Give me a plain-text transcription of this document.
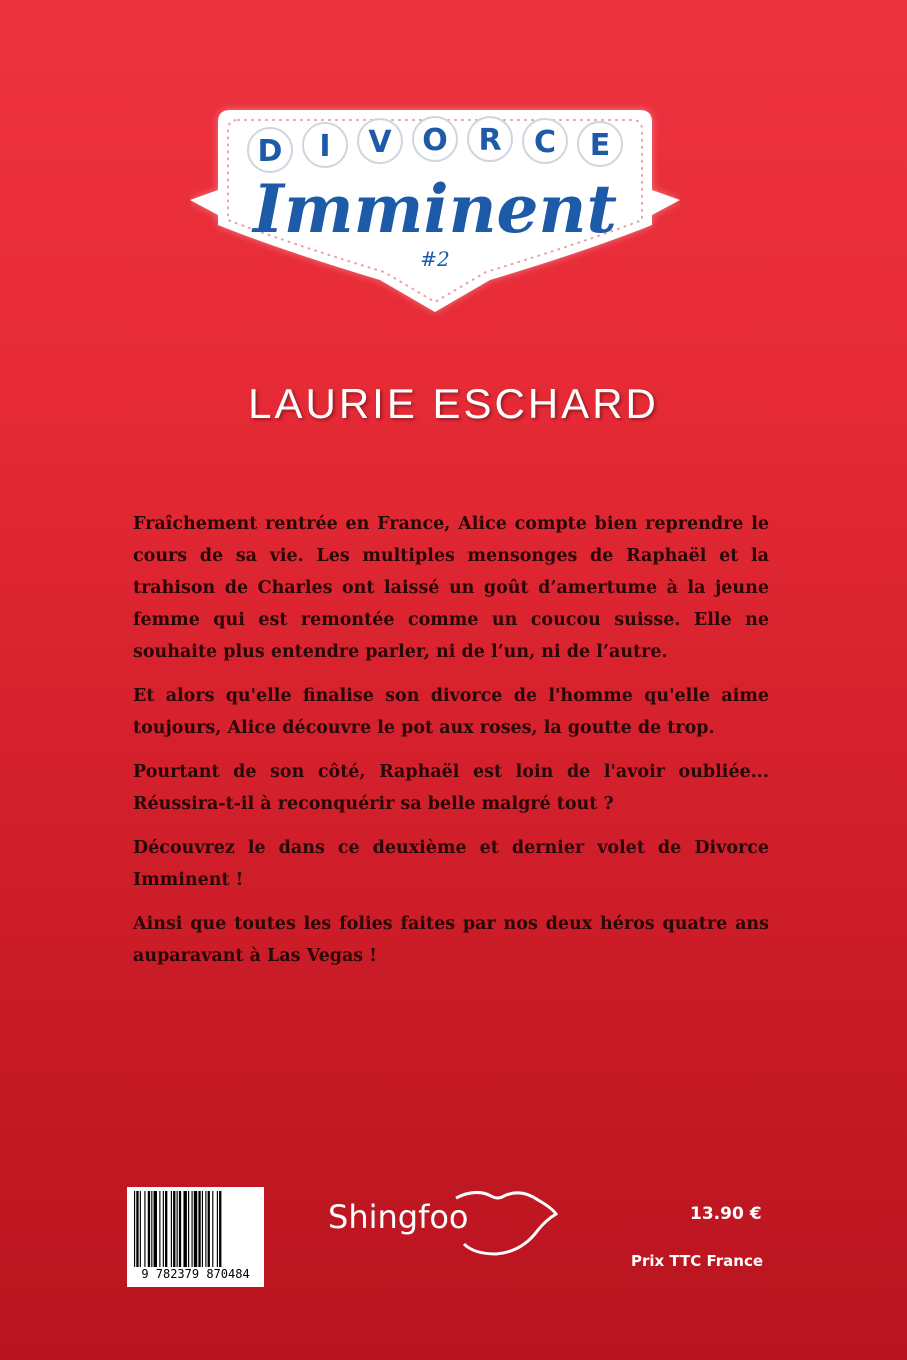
D I V O R C E
Imminent
#2
LAURIE ESCHARD

Fraîchement rentrée en France, Alice compte bien reprendre le cours de sa vie. Les multiples mensonges de Raphaël et la trahison de Charles ont laissé un goût d’amertume à la jeune femme qui est remontée comme un coucou suisse. Elle ne souhaite plus entendre parler, ni de l’un, ni de l’autre.

Et alors qu'elle finalise son divorce de l'homme qu'elle aime toujours, Alice découvre le pot aux roses, la goutte de trop.

Pourtant de son côté, Raphaël est loin de l'avoir oubliée... Réussira-t-il à reconquérir sa belle malgré tout ?

Découvrez le dans ce deuxième et dernier volet de Divorce Imminent !

Ainsi que toutes les folies faites par nos deux héros quatre ans auparavant à Las Vegas !

9 782379 870484
Shingfoo	13.90 €
Prix TTC France
